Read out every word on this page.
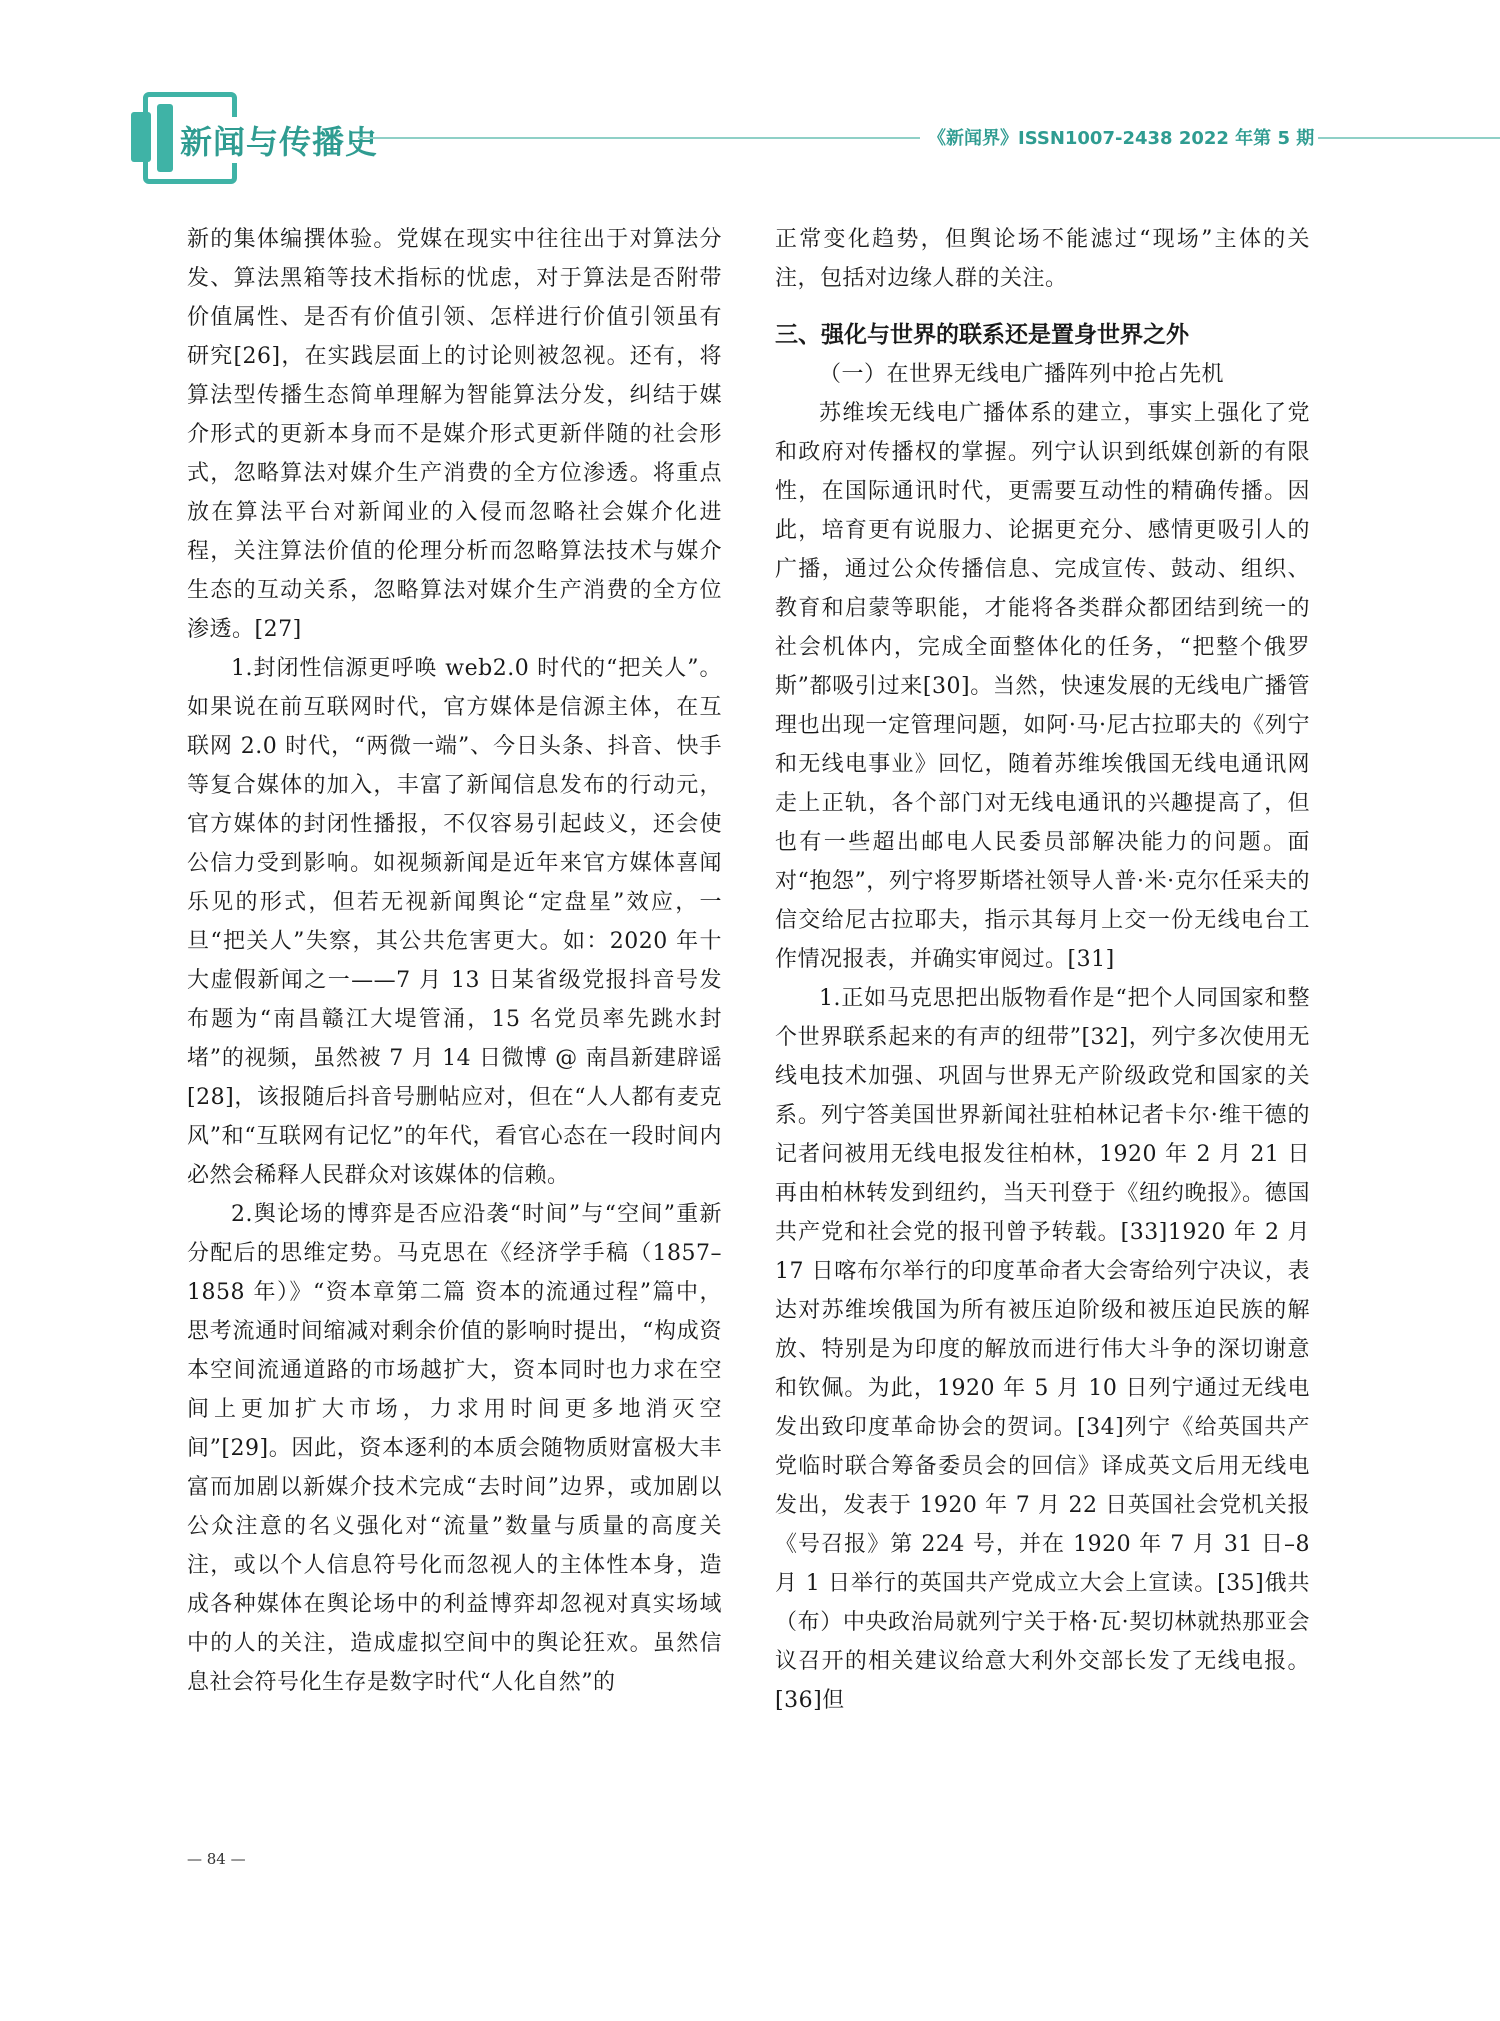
新闻与传播史	《新闻界》ISSN1007-2438 2022 年第 5 期

新的集体编撰体验。党媒在现实中往往出于对算法分发、算法黑箱等技术指标的忧虑，对于算法是否附带价值属性、是否有价值引领、怎样进行价值引领虽有研究[26]，在实践层面上的讨论则被忽视。还有，将算法型传播生态简单理解为智能算法分发，纠结于媒介形式的更新本身而不是媒介形式更新伴随的社会形式，忽略算法对媒介生产消费的全方位渗透。将重点放在算法平台对新闻业的入侵而忽略社会媒介化进程，关注算法价值的伦理分析而忽略算法技术与媒介生态的互动关系，忽略算法对媒介生产消费的全方位渗透。[27]

1.封闭性信源更呼唤 web2.0 时代的“把关人”。如果说在前互联网时代，官方媒体是信源主体，在互联网 2.0 时代，“两微一端”、今日头条、抖音、快手等复合媒体的加入，丰富了新闻信息发布的行动元，官方媒体的封闭性播报，不仅容易引起歧义，还会使公信力受到影响。如视频新闻是近年来官方媒体喜闻乐见的形式，但若无视新闻舆论“定盘星”效应，一旦“把关人”失察，其公共危害更大。如：2020 年十大虚假新闻之一——7 月 13 日某省级党报抖音号发布题为“南昌赣江大堤管涌，15 名党员率先跳水封堵”的视频，虽然被 7 月 14 日微博 @ 南昌新建辟谣[28]，该报随后抖音号删帖应对，但在“人人都有麦克风”和“互联网有记忆”的年代，看官心态在一段时间内必然会稀释人民群众对该媒体的信赖。

2.舆论场的博弈是否应沿袭“时间”与“空间”重新分配后的思维定势。马克思在《经济学手稿（1857–1858 年）》“资本章第二篇 资本的流通过程”篇中，思考流通时间缩减对剩余价值的影响时提出，“构成资本空间流通道路的市场越扩大，资本同时也力求在空间上更加扩大市场，力求用时间更多地消灭空间”[29]。因此，资本逐利的本质会随物质财富极大丰富而加剧以新媒介技术完成“去时间”边界，或加剧以公众注意的名义强化对“流量”数量与质量的高度关注，或以个人信息符号化而忽视人的主体性本身，造成各种媒体在舆论场中的利益博弈却忽视对真实场域中的人的关注，造成虚拟空间中的舆论狂欢。虽然信息社会符号化生存是数字时代“人化自然”的

正常变化趋势，但舆论场不能滤过“现场”主体的关注，包括对边缘人群的关注。

三、强化与世界的联系还是置身世界之外

（一）在世界无线电广播阵列中抢占先机

苏维埃无线电广播体系的建立，事实上强化了党和政府对传播权的掌握。列宁认识到纸媒创新的有限性，在国际通讯时代，更需要互动性的精确传播。因此，培育更有说服力、论据更充分、感情更吸引人的广播，通过公众传播信息、完成宣传、鼓动、组织、教育和启蒙等职能，才能将各类群众都团结到统一的社会机体内，完成全面整体化的任务，“把整个俄罗斯”都吸引过来[30]。当然，快速发展的无线电广播管理也出现一定管理问题，如阿·马·尼古拉耶夫的《列宁和无线电事业》回忆，随着苏维埃俄国无线电通讯网走上正轨，各个部门对无线电通讯的兴趣提高了，但也有一些超出邮电人民委员部解决能力的问题。面对“抱怨”，列宁将罗斯塔社领导人普·米·克尔任采夫的信交给尼古拉耶夫，指示其每月上交一份无线电台工作情况报表，并确实审阅过。[31]

1.正如马克思把出版物看作是“把个人同国家和整个世界联系起来的有声的纽带”[32]，列宁多次使用无线电技术加强、巩固与世界无产阶级政党和国家的关系。列宁答美国世界新闻社驻柏林记者卡尔·维干德的记者问被用无线电报发往柏林，1920 年 2 月 21 日再由柏林转发到纽约，当天刊登于《纽约晚报》。德国共产党和社会党的报刊曾予转载。[33]1920 年 2 月 17 日喀布尔举行的印度革命者大会寄给列宁决议，表达对苏维埃俄国为所有被压迫阶级和被压迫民族的解放、特别是为印度的解放而进行伟大斗争的深切谢意和钦佩。为此，1920 年 5 月 10 日列宁通过无线电发出致印度革命协会的贺词。[34]列宁《给英国共产党临时联合筹备委员会的回信》译成英文后用无线电发出，发表于 1920 年 7 月 22 日英国社会党机关报《号召报》第 224 号，并在 1920 年 7 月 31 日–8 月 1 日举行的英国共产党成立大会上宣读。[35]俄共（布）中央政治局就列宁关于格·瓦·契切林就热那亚会议召开的相关建议给意大利外交部长发了无线电报。[36]但

— 84 —
